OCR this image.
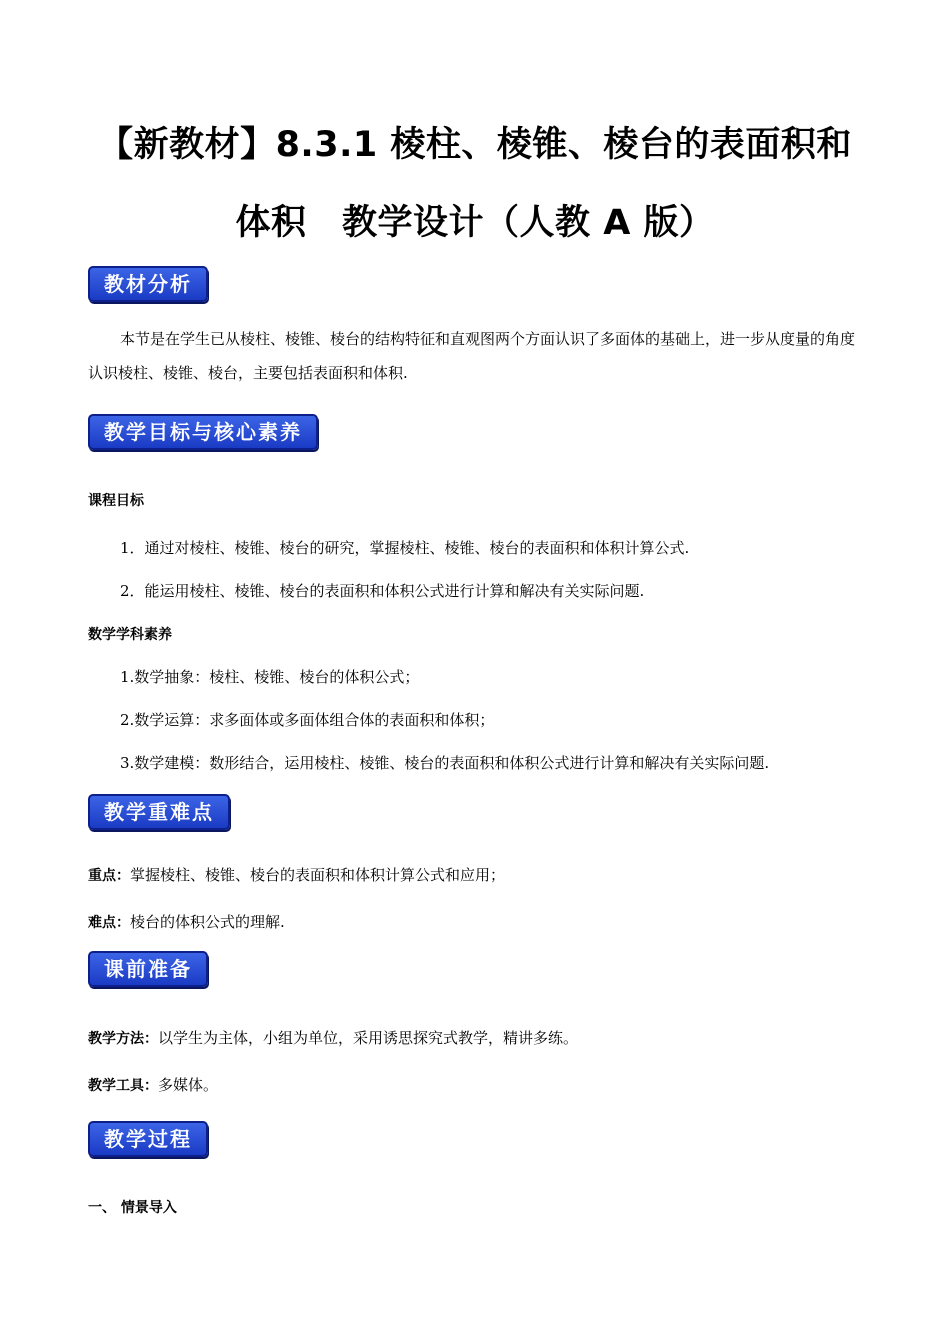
【新教材】8.3.1 棱柱、棱锥、棱台的表面积和
体积　教学设计（人教 A 版）
教材分析
本节是在学生已从棱柱、棱锥、棱台的结构特征和直观图两个方面认识了多面体的基础上，进一步从度量的角度认识棱柱、棱锥、棱台，主要包括表面积和体积.
教学目标与核心素养
课程目标
1．通过对棱柱、棱锥、棱台的研究，掌握棱柱、棱锥、棱台的表面积和体积计算公式.
2．能运用棱柱、棱锥、棱台的表面积和体积公式进行计算和解决有关实际问题.
数学学科素养
1.数学抽象：棱柱、棱锥、棱台的体积公式；
2.数学运算：求多面体或多面体组合体的表面积和体积；
3.数学建模：数形结合，运用棱柱、棱锥、棱台的表面积和体积公式进行计算和解决有关实际问题.
教学重难点
重点：掌握棱柱、棱锥、棱台的表面积和体积计算公式和应用；
难点：棱台的体积公式的理解.
课前准备
教学方法：以学生为主体，小组为单位，采用诱思探究式教学，精讲多练。
教学工具：多媒体。
教学过程
一、 情景导入
